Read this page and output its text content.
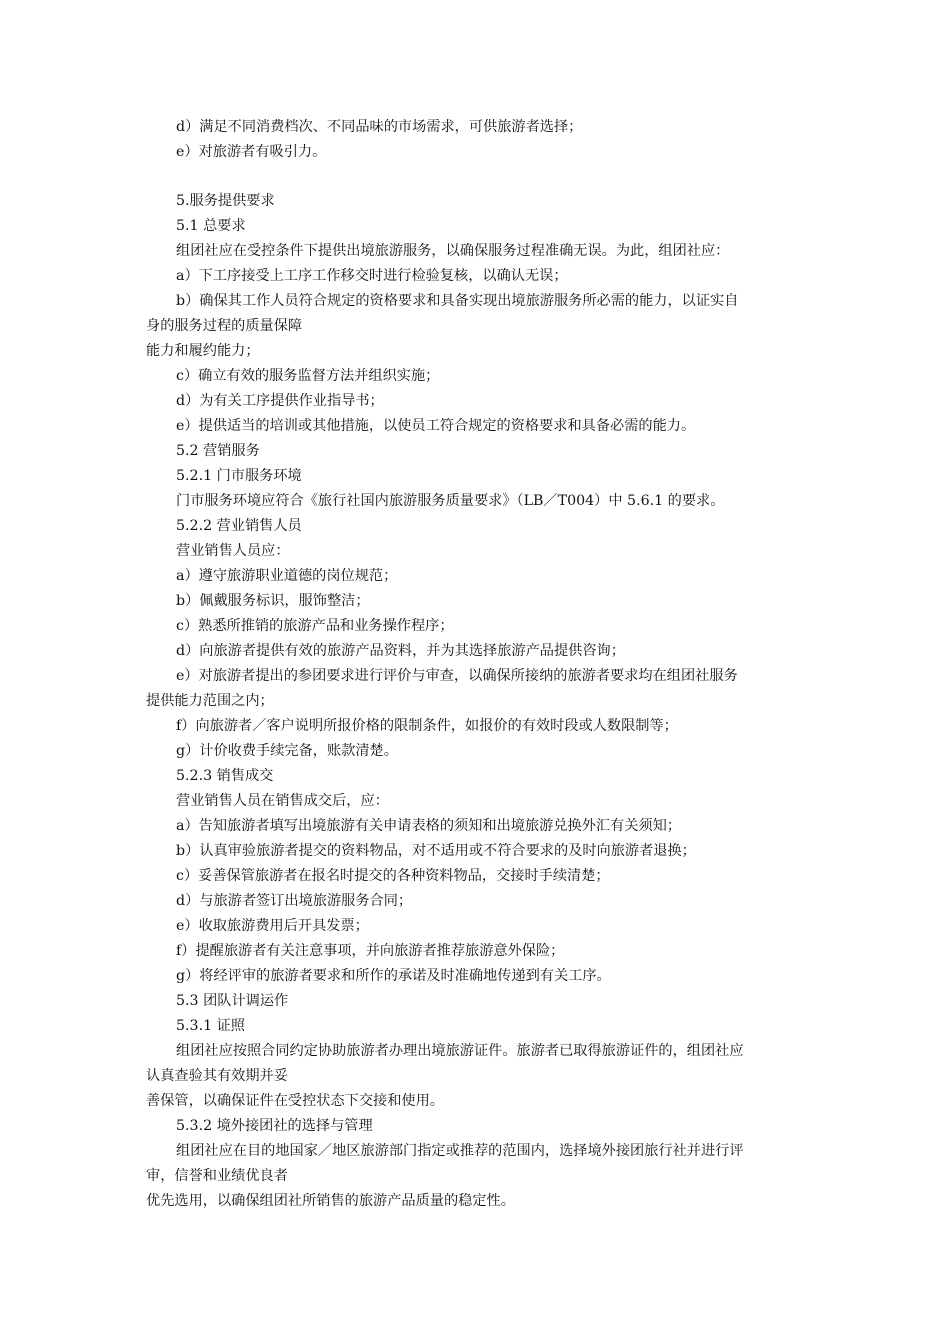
d）满足不同消费档次、不同品味的市场需求，可供旅游者选择；
e）对旅游者有吸引力。
5.服务提供要求
5.1 总要求
组团社应在受控条件下提供出境旅游服务，以确保服务过程准确无误。为此，组团社应：
a）下工序接受上工序工作移交时进行检验复核，以确认无误；
b）确保其工作人员符合规定的资格要求和具备实现出境旅游服务所必需的能力，以证实自
身的服务过程的质量保障
能力和履约能力；
c）确立有效的服务监督方法并组织实施；
d）为有关工序提供作业指导书；
e）提供适当的培训或其他措施，以使员工符合规定的资格要求和具备必需的能力。
5.2 营销服务
5.2.1 门市服务环境
门市服务环境应符合《旅行社国内旅游服务质量要求》（LB／T004）中 5.6.1 的要求。
5.2.2 营业销售人员
营业销售人员应：
a）遵守旅游职业道德的岗位规范；
b）佩戴服务标识，服饰整洁；
c）熟悉所推销的旅游产品和业务操作程序；
d）向旅游者提供有效的旅游产品资料，并为其选择旅游产品提供咨询；
e）对旅游者提出的参团要求进行评价与审查，以确保所接纳的旅游者要求均在组团社服务
提供能力范围之内；
f）向旅游者／客户说明所报价格的限制条件，如报价的有效时段或人数限制等；
g）计价收费手续完备，账款清楚。
5.2.3 销售成交
营业销售人员在销售成交后，应：
a）告知旅游者填写出境旅游有关申请表格的须知和出境旅游兑换外汇有关须知；
b）认真审验旅游者提交的资料物品，对不适用或不符合要求的及时向旅游者退换；
c）妥善保管旅游者在报名时提交的各种资料物品，交接时手续清楚；
d）与旅游者签订出境旅游服务合同；
e）收取旅游费用后开具发票；
f）提醒旅游者有关注意事项，并向旅游者推荐旅游意外保险；
g）将经评审的旅游者要求和所作的承诺及时准确地传递到有关工序。
5.3 团队计调运作
5.3.1 证照
组团社应按照合同约定协助旅游者办理出境旅游证件。旅游者已取得旅游证件的，组团社应
认真查验其有效期并妥
善保管，以确保证件在受控状态下交接和使用。
5.3.2 境外接团社的选择与管理
组团社应在目的地国家／地区旅游部门指定或推荐的范围内，选择境外接团旅行社并进行评
审，信誉和业绩优良者
优先选用，以确保组团社所销售的旅游产品质量的稳定性。
